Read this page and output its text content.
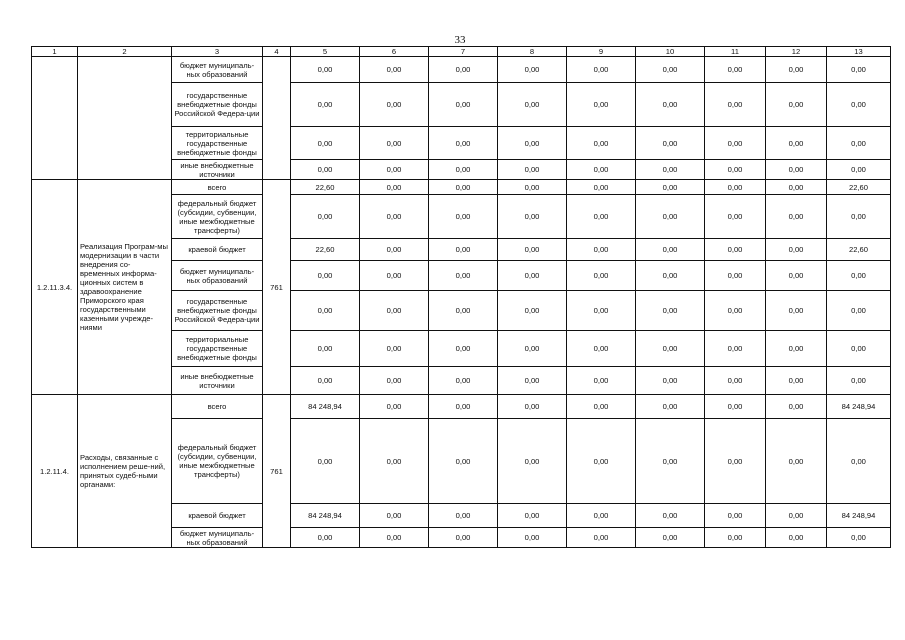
33
1	2	3	4	5	6	7	8	9	10	11	12	13
		бюджет муниципаль-ных образований		0,00	0,00	0,00	0,00	0,00	0,00	0,00	0,00	0,00
		государственные внебюджетные фонды Российской Федера-ции		0,00	0,00	0,00	0,00	0,00	0,00	0,00	0,00	0,00
		территориальные государственные внебюджетные фонды		0,00	0,00	0,00	0,00	0,00	0,00	0,00	0,00	0,00
		иные внебюджетные источники		0,00	0,00	0,00	0,00	0,00	0,00	0,00	0,00	0,00
1.2.11.3.4.	Реализация Програм-мы модернизации в части внедрения со-временных информа-ционных систем в здравоохранение Приморского края государственными казенными учрежде-ниями	всего	761	22,60	0,00	0,00	0,00	0,00	0,00	0,00	0,00	22,60
		федеральный бюджет (субсидии, субвенции, иные межбюджетные трансферты)		0,00	0,00	0,00	0,00	0,00	0,00	0,00	0,00	0,00
		краевой бюджет		22,60	0,00	0,00	0,00	0,00	0,00	0,00	0,00	22,60
		бюджет муниципаль-ных образований		0,00	0,00	0,00	0,00	0,00	0,00	0,00	0,00	0,00
		государственные внебюджетные фонды Российской Федера-ции		0,00	0,00	0,00	0,00	0,00	0,00	0,00	0,00	0,00
		территориальные государственные внебюджетные фонды		0,00	0,00	0,00	0,00	0,00	0,00	0,00	0,00	0,00
		иные внебюджетные источники		0,00	0,00	0,00	0,00	0,00	0,00	0,00	0,00	0,00
1.2.11.4.	Расходы, связанные с исполнением реше-ний, принятых судеб-ными органами:	всего	761	84 248,94	0,00	0,00	0,00	0,00	0,00	0,00	0,00	84 248,94
		федеральный бюджет (субсидии, субвенции, иные межбюджетные трансферты)		0,00	0,00	0,00	0,00	0,00	0,00	0,00	0,00	0,00
		краевой бюджет		84 248,94	0,00	0,00	0,00	0,00	0,00	0,00	0,00	84 248,94
		бюджет муниципаль-ных образований		0,00	0,00	0,00	0,00	0,00	0,00	0,00	0,00	0,00
